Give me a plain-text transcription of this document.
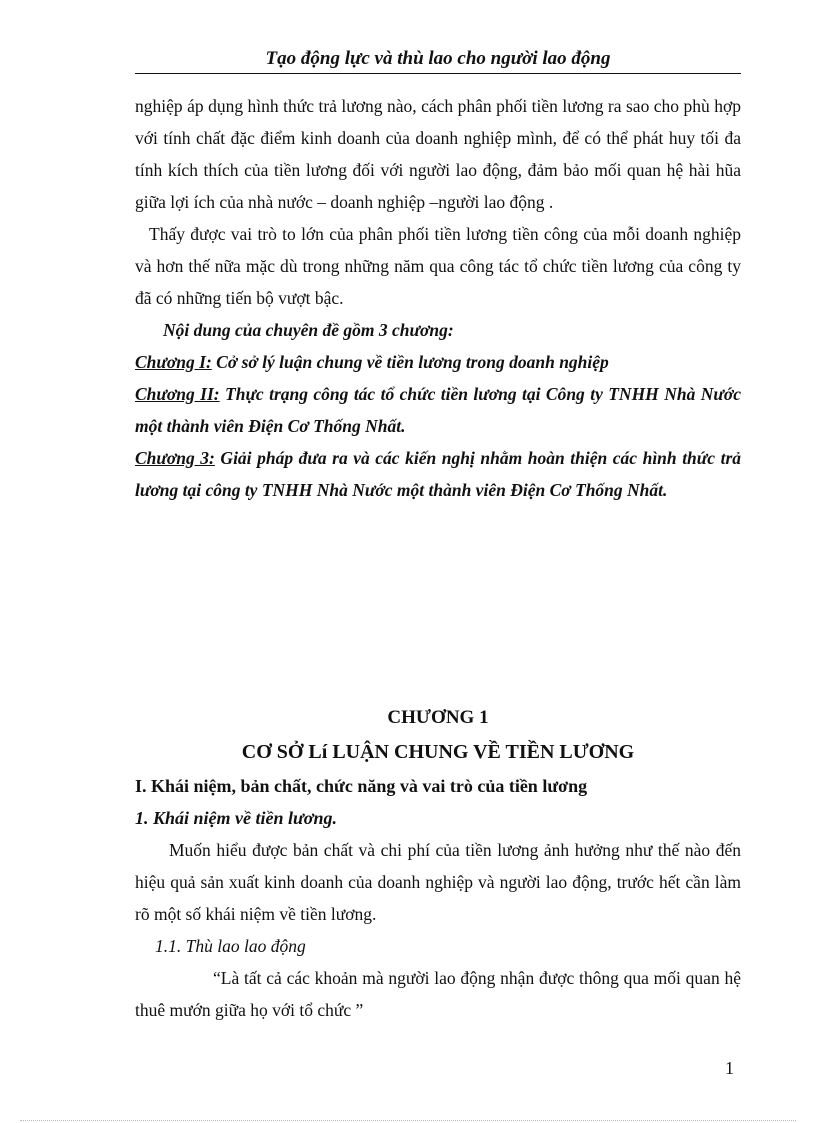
Tạo động lực và thù lao cho người lao động

nghiệp áp dụng hình thức trả lương nào, cách phân phối tiền lương ra sao cho phù hợp với tính chất đặc điểm kinh doanh của doanh nghiệp mình, để có thể phát huy tối đa tính kích thích của tiền lương đối với người lao động, đảm bảo mối quan hệ hài hũa giữa lợi ích của nhà nước – doanh nghiệp –người lao động .

Thấy được vai trò to lớn của phân phối tiền lương tiền công của mỗi doanh nghiệp và hơn thế nữa mặc dù trong những năm qua công tác tổ chức tiền lương của công ty đã có những tiến bộ vượt bậc.

Nội dung của chuyên đề gồm 3 chương:

Chương I: Cở sở lý luận chung về tiền lương trong doanh nghiệp

Chương II: Thực trạng công tác tổ chức tiền lương tại Công ty TNHH Nhà Nước một thành viên Điện Cơ Thống Nhất.

Chương 3: Giải pháp đưa ra và các kiến nghị nhằm hoàn thiện các hình thức trả lương tại công ty TNHH Nhà Nước một thành viên Điện Cơ Thống Nhất.

CHƯƠNG 1

CƠ SỞ Lí LUẬN CHUNG VỀ TIỀN LƯƠNG

I. Khái niệm, bản chất, chức năng và vai trò của tiền lương

1. Khái niệm về tiền lương.

Muốn hiểu được bản chất và chi phí của tiền lương ảnh hưởng như thế nào đến hiệu quả sản xuất kinh doanh của doanh nghiệp và người lao động, trước hết cần làm rõ một số khái niệm về tiền lương.

1.1. Thù lao lao động

“Là tất cả các khoản mà người lao động nhận được thông qua mối quan hệ thuê mướn giữa họ với tổ chức ”

1
